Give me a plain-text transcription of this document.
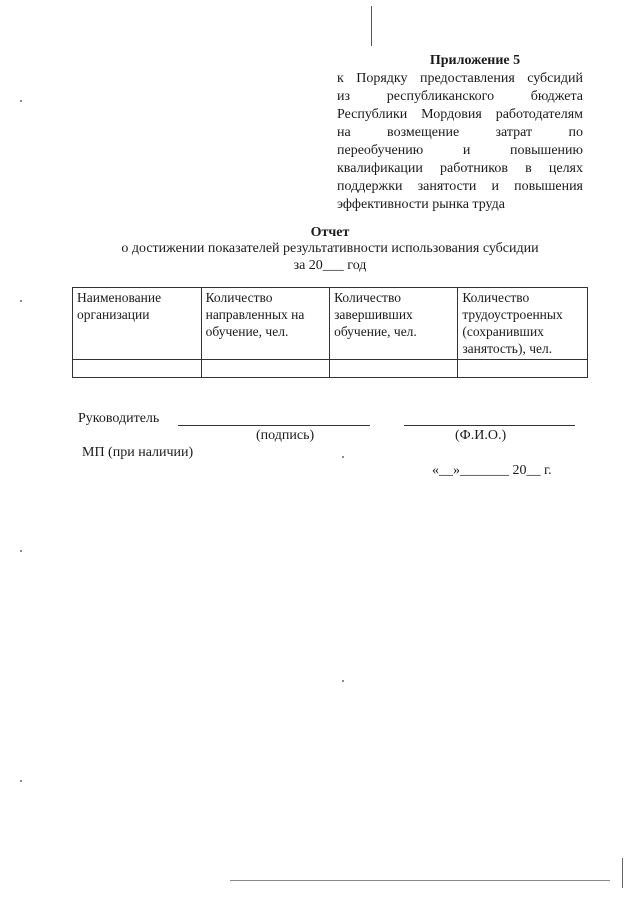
Приложение 5

к Порядку предоставления субсидий

из республиканского бюджета

Республики Мордовия работодателям

на возмещение затрат по

переобучению и повышению

квалификации работников в целях

поддержки занятости и повышения

эффективности рынка труда

Отчет
о достижении показателей результативности использования субсидии
за 20___ год
Наименование организации	Количество направленных на обучение, чел.	Количество завершивших обучение, чел.	Количество трудоустроенных (сохранивших занятость), чел.

Руководитель
(подпись)	(Ф.И.О.)
МП (при наличии)
«__»_______ 20__ г.
